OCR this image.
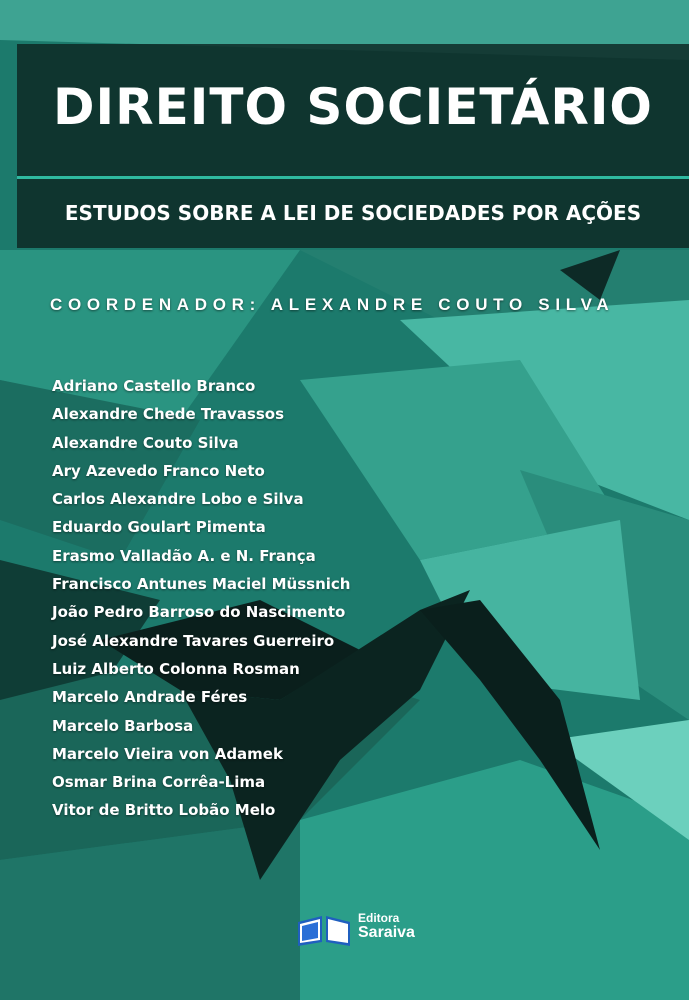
DIREITO SOCIETÁRIO
ESTUDOS SOBRE A LEI DE SOCIEDADES POR AÇÕES
COORDENADOR: ALEXANDRE COUTO SILVA
Adriano Castello Branco
Alexandre Chede Travassos
Alexandre Couto Silva
Ary Azevedo Franco Neto
Carlos Alexandre Lobo e Silva
Eduardo Goulart Pimenta
Erasmo Valladão A. e N. França
Francisco Antunes Maciel Müssnich
João Pedro Barroso do Nascimento
José Alexandre Tavares Guerreiro
Luiz Alberto Colonna Rosman
Marcelo Andrade Féres
Marcelo Barbosa
Marcelo Vieira von Adamek
Osmar Brina Corrêa-Lima
Vitor de Britto Lobão Melo
Editora
Saraiva
